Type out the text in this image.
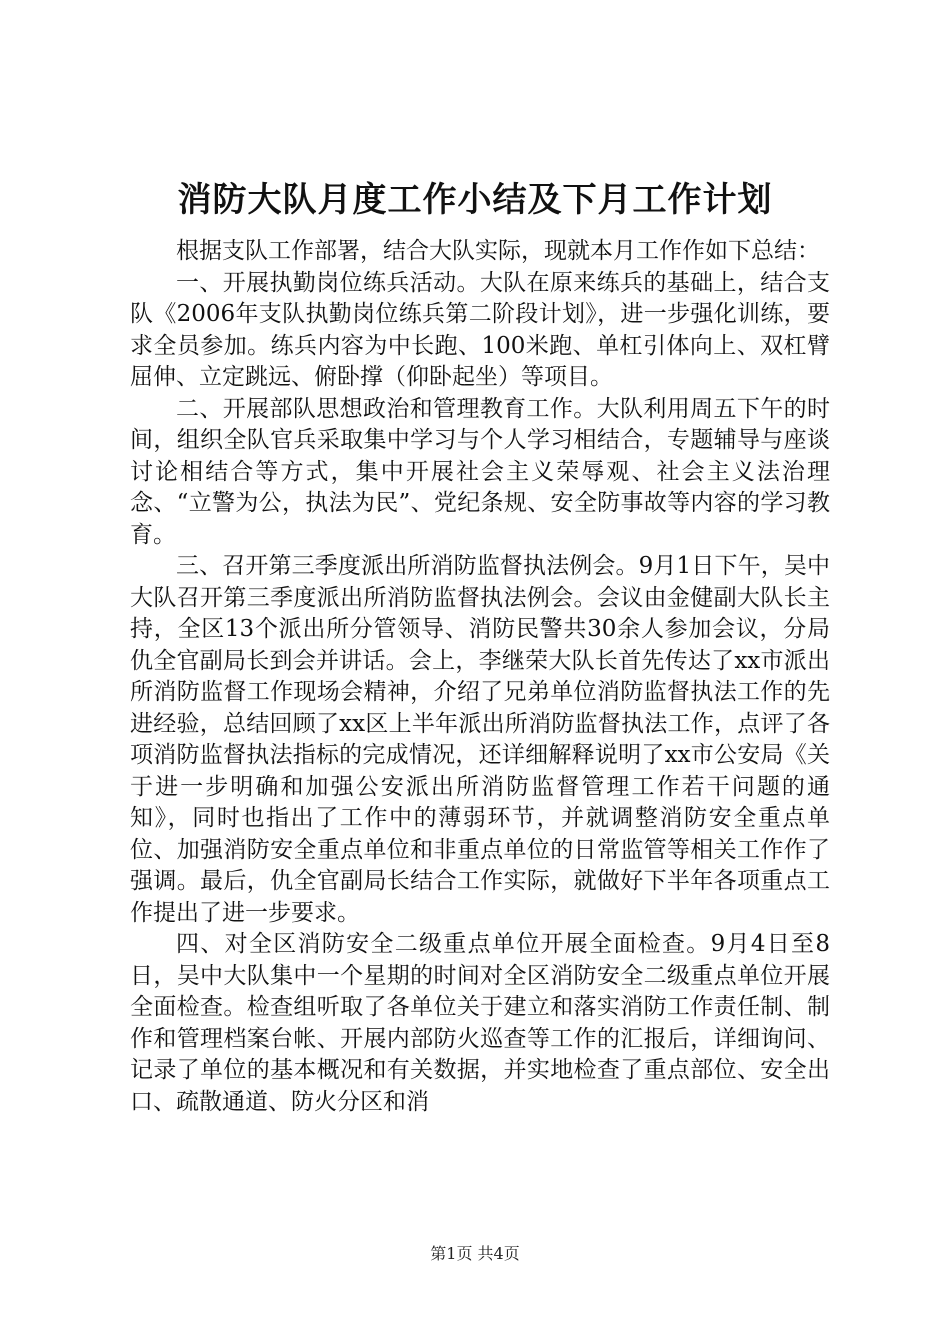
消防大队月度工作小结及下月工作计划

根据支队工作部署，结合大队实际，现就本月工作作如下总结：

一、开展执勤岗位练兵活动。大队在原来练兵的基础上，结合支队《2006年支队执勤岗位练兵第二阶段计划》，进一步强化训练，要求全员参加。练兵内容为中长跑、100米跑、单杠引体向上、双杠臂屈伸、立定跳远、俯卧撑（仰卧起坐）等项目。

二、开展部队思想政治和管理教育工作。大队利用周五下午的时间，组织全队官兵采取集中学习与个人学习相结合，专题辅导与座谈讨论相结合等方式，集中开展社会主义荣辱观、社会主义法治理念、“立警为公，执法为民”、党纪条规、安全防事故等内容的学习教育。

三、召开第三季度派出所消防监督执法例会。9月1日下午，吴中大队召开第三季度派出所消防监督执法例会。会议由金健副大队长主持，全区13个派出所分管领导、消防民警共30余人参加会议，分局仇全官副局长到会并讲话。会上，李继荣大队长首先传达了xx市派出所消防监督工作现场会精神，介绍了兄弟单位消防监督执法工作的先进经验，总结回顾了xx区上半年派出所消防监督执法工作，点评了各项消防监督执法指标的完成情况，还详细解释说明了xx市公安局《关于进一步明确和加强公安派出所消防监督管理工作若干问题的通知》，同时也指出了工作中的薄弱环节，并就调整消防安全重点单位、加强消防安全重点单位和非重点单位的日常监管等相关工作作了强调。最后，仇全官副局长结合工作实际，就做好下半年各项重点工作提出了进一步要求。

四、对全区消防安全二级重点单位开展全面检查。9月4日至8日，吴中大队集中一个星期的时间对全区消防安全二级重点单位开展全面检查。检查组听取了各单位关于建立和落实消防工作责任制、制作和管理档案台帐、开展内部防火巡查等工作的汇报后，详细询问、记录了单位的基本概况和有关数据，并实地检查了重点部位、安全出口、疏散通道、防火分区和消

第1页 共4页
